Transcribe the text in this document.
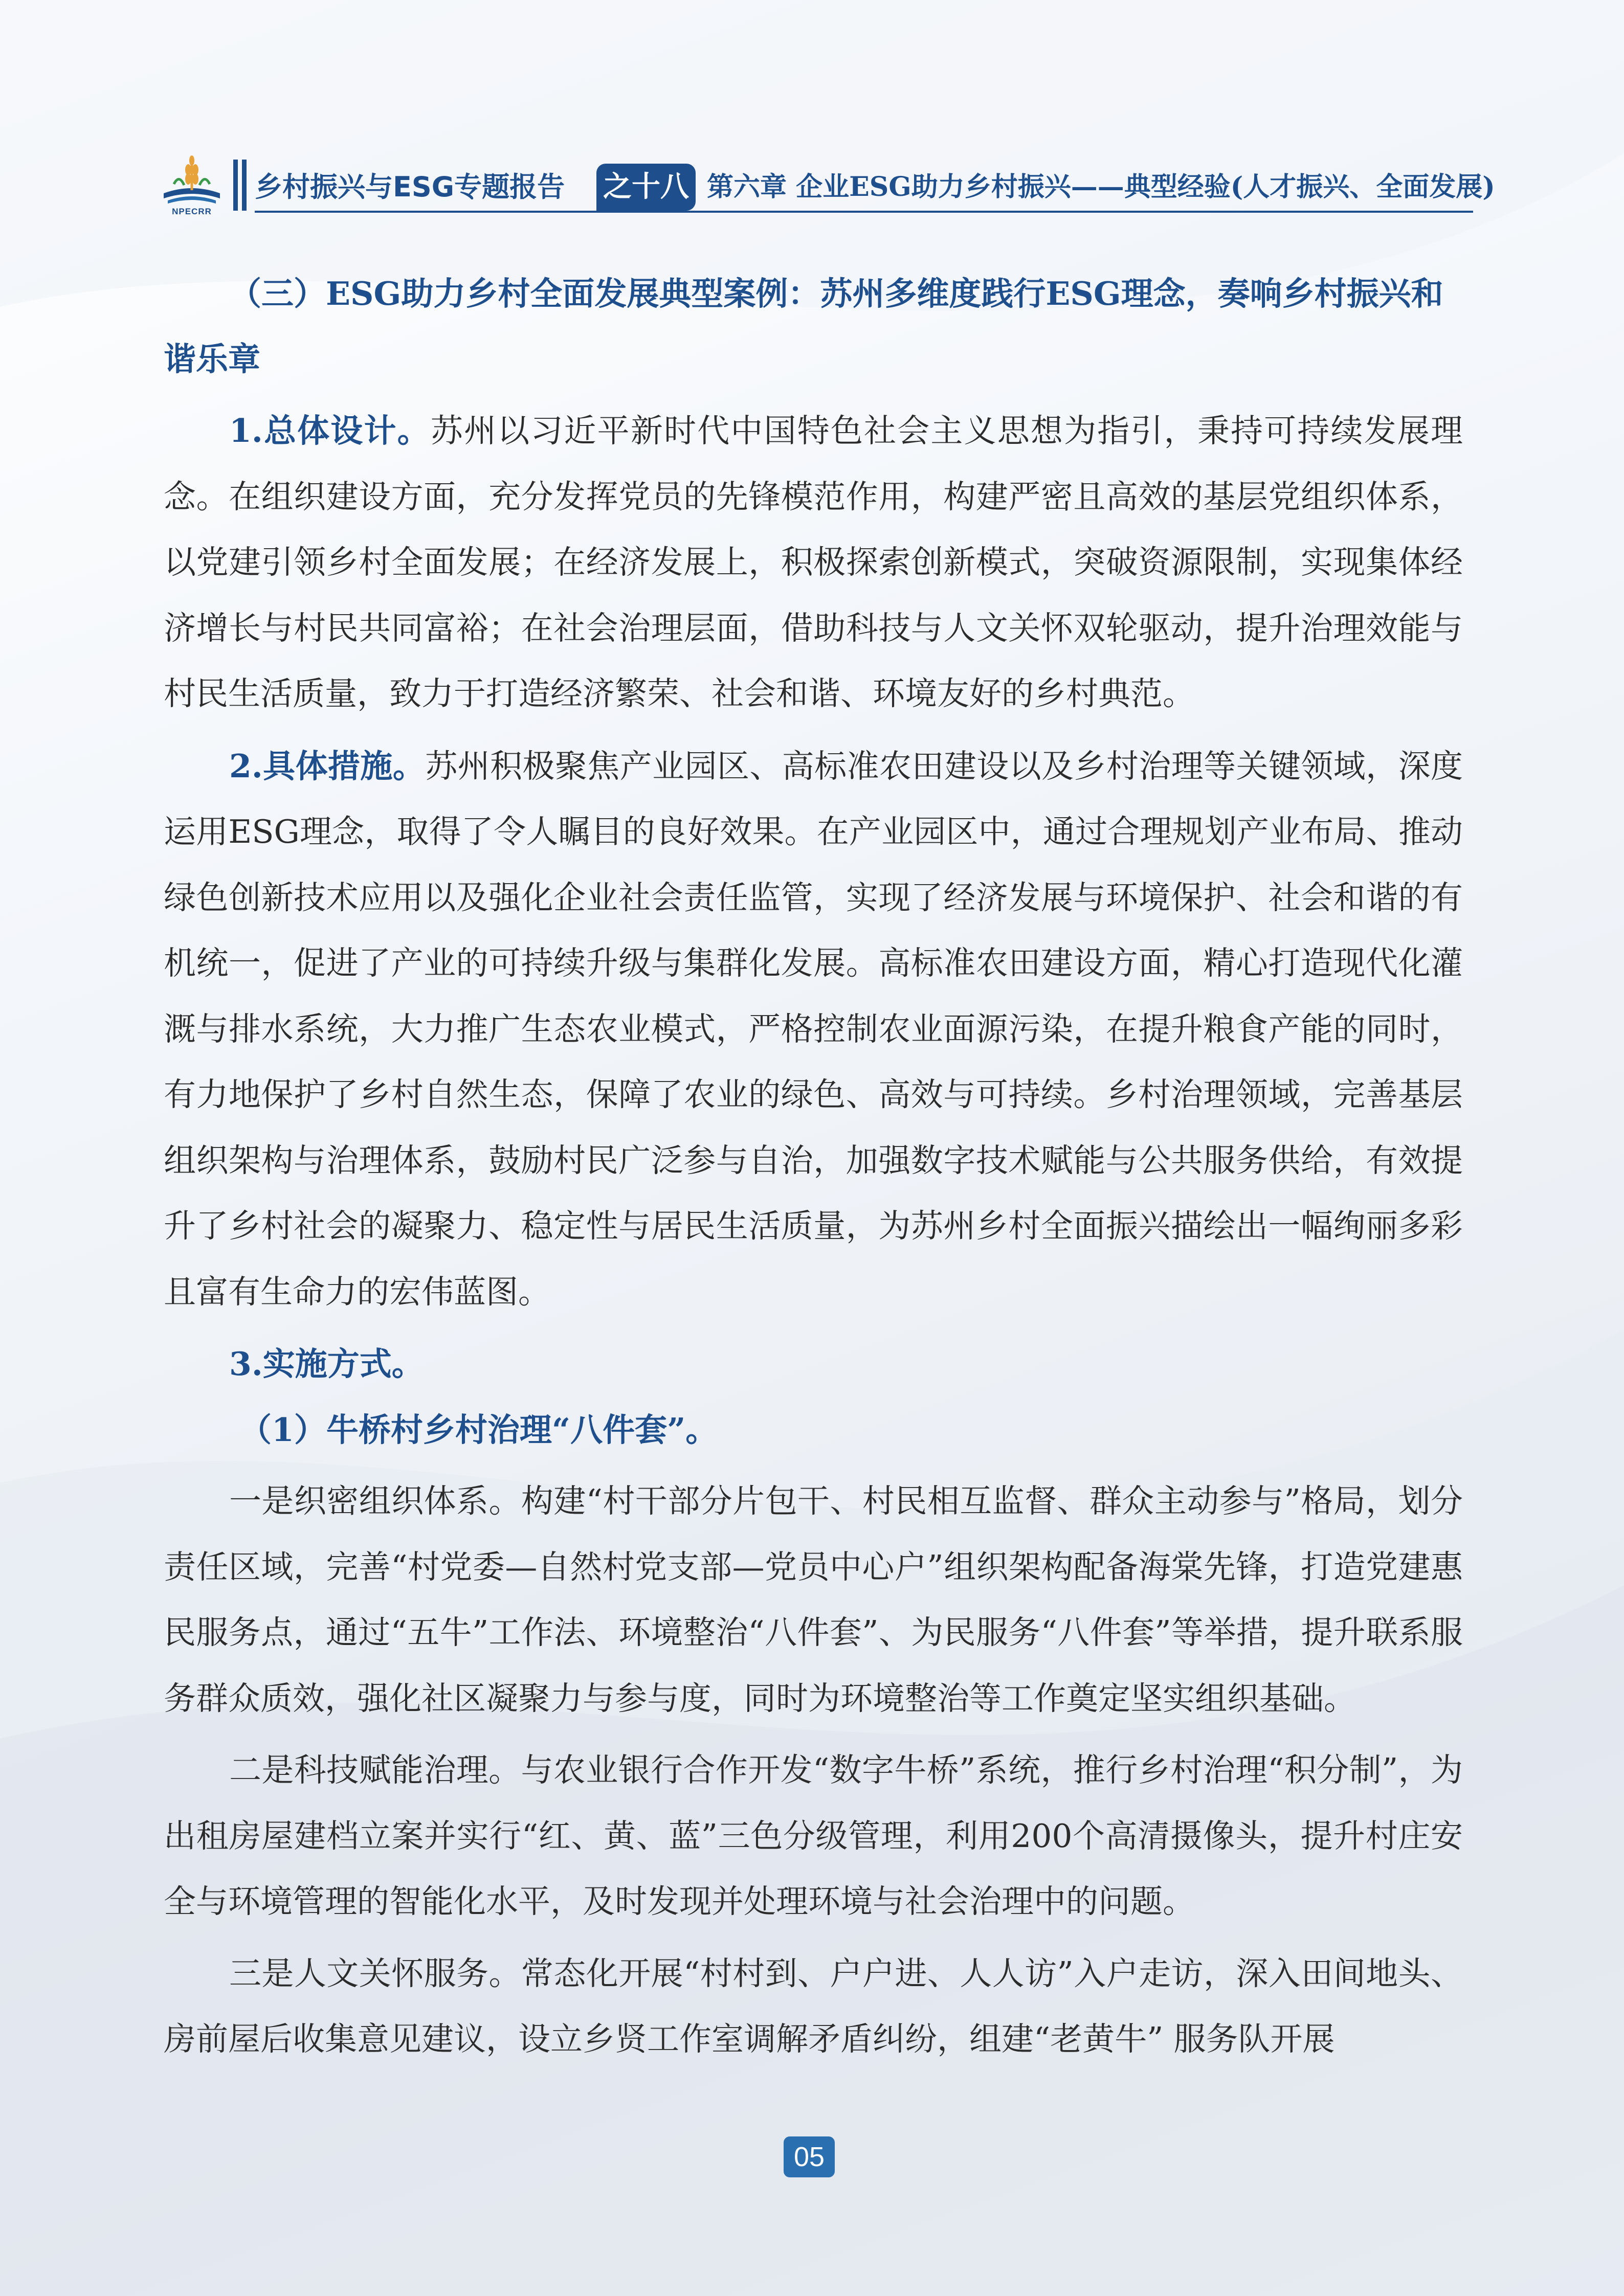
NPECRR
乡村振兴与ESG专题报告 之十八 第六章 企业ESG助力乡村振兴——典型经验(人才振兴、全面发展)
（三）ESG助力乡村全面发展典型案例：苏州多维度践行ESG理念，奏响乡村振兴和谐乐章

1.总体设计。苏州以习近平新时代中国特色社会主义思想为指引，秉持可持续发展理念。在组织建设方面，充分发挥党员的先锋模范作用，构建严密且高效的基层党组织体系，以党建引领乡村全面发展；在经济发展上，积极探索创新模式，突破资源限制，实现集体经济增长与村民共同富裕；在社会治理层面，借助科技与人文关怀双轮驱动，提升治理效能与村民生活质量，致力于打造经济繁荣、社会和谐、环境友好的乡村典范。

2.具体措施。苏州积极聚焦产业园区、高标准农田建设以及乡村治理等关键领域，深度运用ESG理念，取得了令人瞩目的良好效果。在产业园区中，通过合理规划产业布局、推动绿色创新技术应用以及强化企业社会责任监管，实现了经济发展与环境保护、社会和谐的有机统一，促进了产业的可持续升级与集群化发展。高标准农田建设方面，精心打造现代化灌溉与排水系统，大力推广生态农业模式，严格控制农业面源污染，在提升粮食产能的同时，有力地保护了乡村自然生态，保障了农业的绿色、高效与可持续。乡村治理领域，完善基层组织架构与治理体系，鼓励村民广泛参与自治，加强数字技术赋能与公共服务供给，有效提升了乡村社会的凝聚力、稳定性与居民生活质量，为苏州乡村全面振兴描绘出一幅绚丽多彩且富有生命力的宏伟蓝图。

3.实施方式。

（1）牛桥村乡村治理“八件套”。

一是织密组织体系。构建“村干部分片包干、村民相互监督、群众主动参与”格局，划分责任区域，完善“村党委—自然村党支部—党员中心户”组织架构配备海棠先锋，打造党建惠民服务点，通过“五牛”工作法、环境整治“八件套”、为民服务“八件套”等举措，提升联系服务群众质效，强化社区凝聚力与参与度，同时为环境整治等工作奠定坚实组织基础。

二是科技赋能治理。与农业银行合作开发“数字牛桥”系统，推行乡村治理“积分制”，为出租房屋建档立案并实行“红、黄、蓝”三色分级管理，利用200个高清摄像头，提升村庄安全与环境管理的智能化水平，及时发现并处理环境与社会治理中的问题。

三是人文关怀服务。常态化开展“村村到、户户进、人人访”入户走访，深入田间地头、房前屋后收集意见建议，设立乡贤工作室调解矛盾纠纷，组建“老黄牛” 服务队开展

05
